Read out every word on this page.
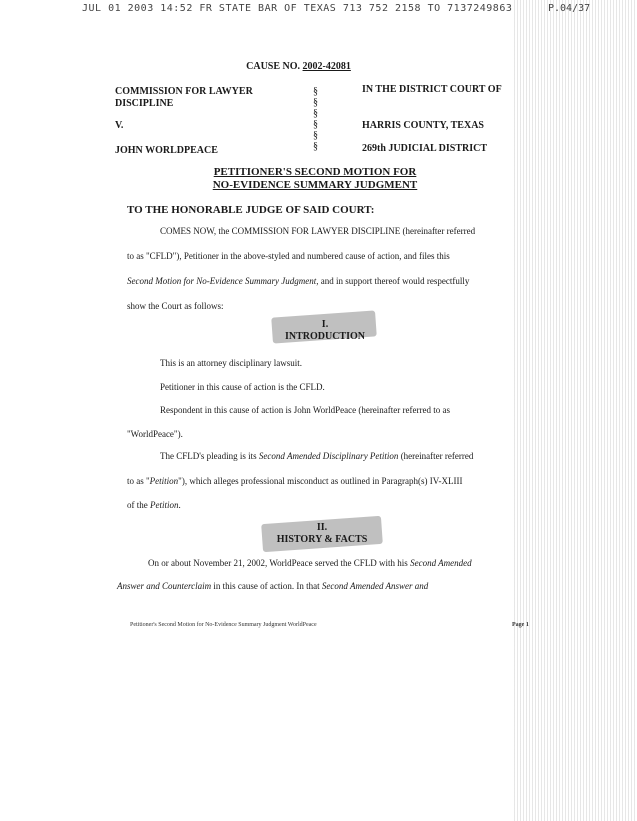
JUL 01 2003 14:52 FR STATE BAR OF TEXAS 713 752 2158 TO 7137249863	P.04/37
CAUSE NO. 2002-42081
COMMISSION FOR LAWYER
DISCIPLINE
V.
JOHN WORLDPEACE
§
§
§
§
§
§
IN THE DISTRICT COURT OF
HARRIS COUNTY, TEXAS
269th JUDICIAL DISTRICT
PETITIONER'S SECOND MOTION FOR
NO-EVIDENCE SUMMARY JUDGMENT
TO THE HONORABLE JUDGE OF SAID COURT:
COMES NOW, the COMMISSION FOR LAWYER DISCIPLINE (hereinafter referred
to as "CFLD"), Petitioner in the above-styled and numbered cause of action, and files this
Second Motion for No-Evidence Summary Judgment, and in support thereof would respectfully
show the Court as follows:
I.
INTRODUCTION
This is an attorney disciplinary lawsuit.
Petitioner in this cause of action is the CFLD.
Respondent in this cause of action is John WorldPeace (hereinafter referred to as
"WorldPeace").
The CFLD's pleading is its Second Amended Disciplinary Petition (hereinafter referred
to as "Petition"), which alleges professional misconduct as outlined in Paragraph(s) IV-XLIII
of the Petition.
II.
HISTORY & FACTS
On or about November 21, 2002, WorldPeace served the CFLD with his Second Amended
Answer and Counterclaim in this cause of action. In that Second Amended Answer and
Petitioner's Second Motion for No-Evidence Summary Judgment WorldPeace	Page 1
